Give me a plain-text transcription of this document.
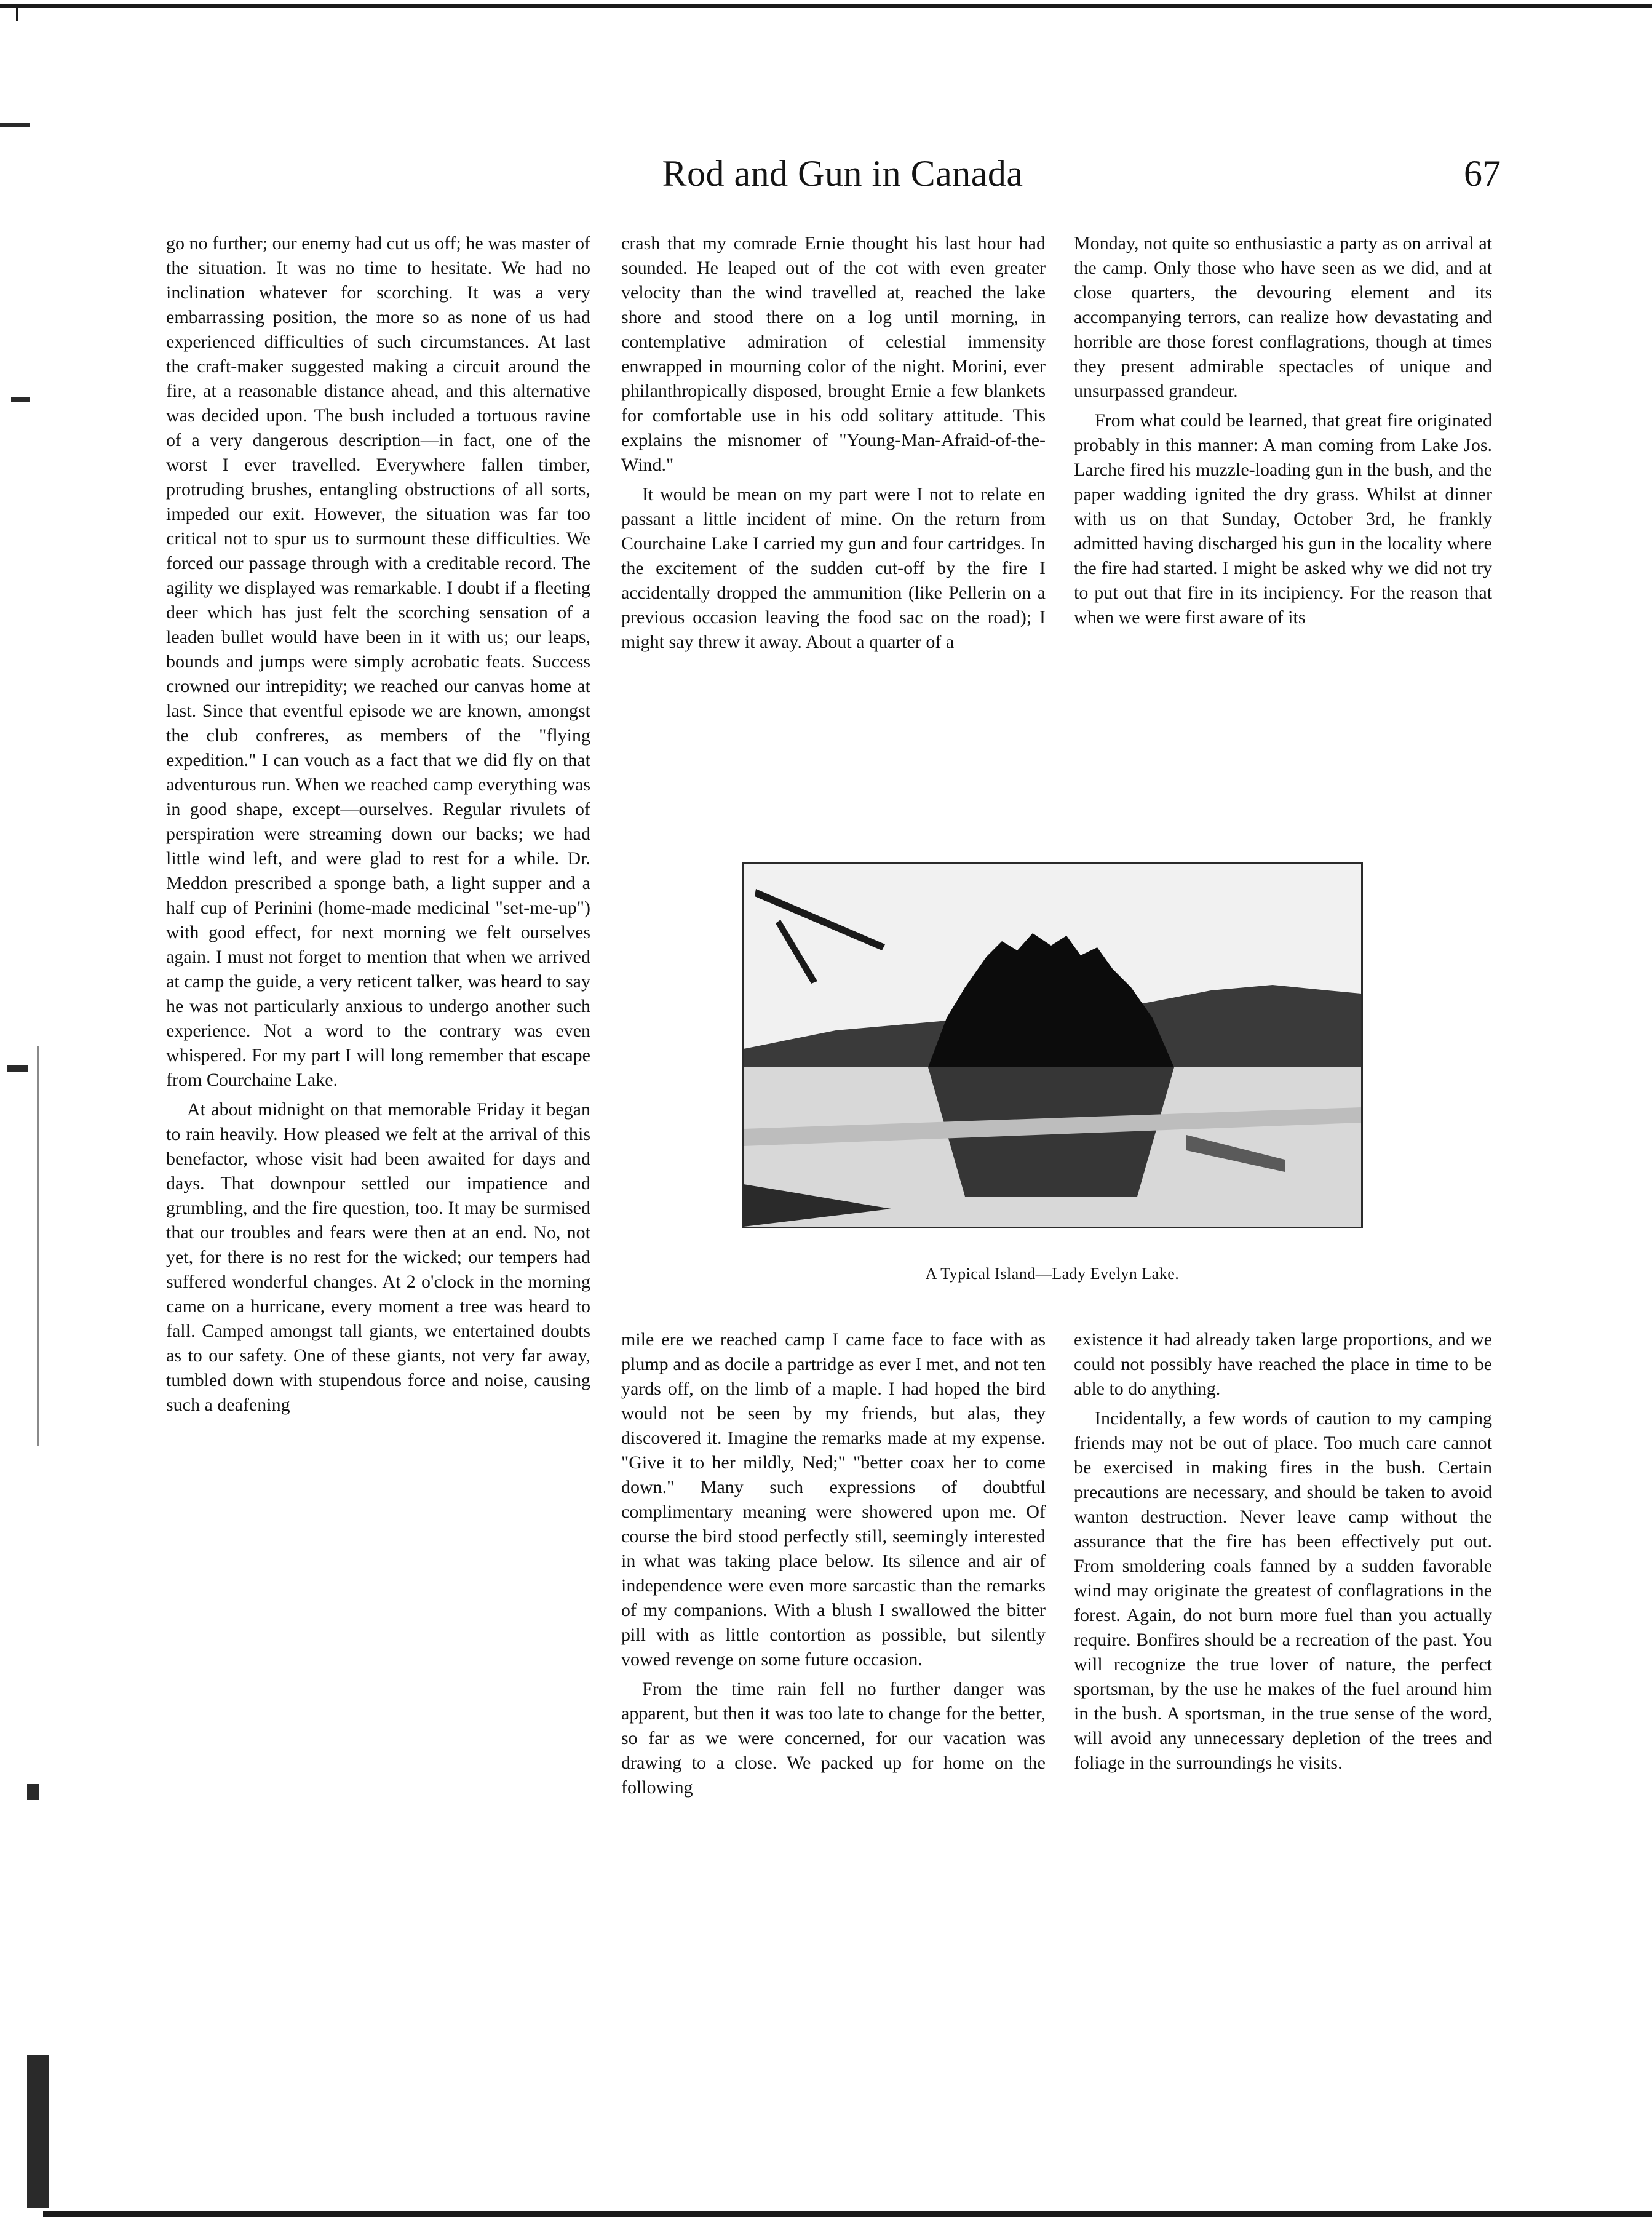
Rod and Gun in Canada	67

go no further; our enemy had cut us off; he was master of the situation. It was no time to hesitate. We had no inclination whatever for scorching. It was a very embarrassing position, the more so as none of us had experienced difficulties of such circumstances. At last the craft-maker suggested making a circuit around the fire, at a reasonable distance ahead, and this alternative was decided upon. The bush included a tortuous ravine of a very dangerous description—in fact, one of the worst I ever travelled. Everywhere fallen timber, protruding brushes, entangling obstructions of all sorts, impeded our exit. However, the situation was far too critical not to spur us to surmount these difficulties. We forced our passage through with a creditable record. The agility we displayed was remarkable. I doubt if a fleeting deer which has just felt the scorching sensation of a leaden bullet would have been in it with us; our leaps, bounds and jumps were simply acrobatic feats. Success crowned our intrepidity; we reached our canvas home at last. Since that eventful episode we are known, amongst the club confreres, as members of the "flying expedition." I can vouch as a fact that we did fly on that adventurous run. When we reached camp everything was in good shape, except—ourselves. Regular rivulets of perspiration were streaming down our backs; we had little wind left, and were glad to rest for a while. Dr. Meddon prescribed a sponge bath, a light supper and a half cup of Perinini (home-made medicinal "set-me-up") with good effect, for next morning we felt ourselves again. I must not forget to mention that when we arrived at camp the guide, a very reticent talker, was heard to say he was not particularly anxious to undergo another such experience. Not a word to the contrary was even whispered. For my part I will long remember that escape from Courchaine Lake.

At about midnight on that memorable Friday it began to rain heavily. How pleased we felt at the arrival of this benefactor, whose visit had been awaited for days and days. That downpour settled our impatience and grumbling, and the fire question, too. It may be surmised that our troubles and fears were then at an end. No, not yet, for there is no rest for the wicked; our tempers had suffered wonderful changes. At 2 o'clock in the morning came on a hurricane, every moment a tree was heard to fall. Camped amongst tall giants, we entertained doubts as to our safety. One of these giants, not very far away, tumbled down with stupendous force and noise, causing such a deafening

crash that my comrade Ernie thought his last hour had sounded. He leaped out of the cot with even greater velocity than the wind travelled at, reached the lake shore and stood there on a log until morning, in contemplative admiration of celestial immensity enwrapped in mourning color of the night. Morini, ever philanthropically disposed, brought Ernie a few blankets for comfortable use in his odd solitary attitude. This explains the misnomer of "Young-Man-Afraid-of-the-Wind."

It would be mean on my part were I not to relate en passant a little incident of mine. On the return from Courchaine Lake I carried my gun and four cartridges. In the excitement of the sudden cut-off by the fire I accidentally dropped the ammunition (like Pellerin on a previous occasion leaving the food sac on the road); I might say threw it away. About a quarter of a

Monday, not quite so enthusiastic a party as on arrival at the camp. Only those who have seen as we did, and at close quarters, the devouring element and its accompanying terrors, can realize how devastating and horrible are those forest conflagrations, though at times they present admirable spectacles of unique and unsurpassed grandeur.

From what could be learned, that great fire originated probably in this manner: A man coming from Lake Jos. Larche fired his muzzle-loading gun in the bush, and the paper wadding ignited the dry grass. Whilst at dinner with us on that Sunday, October 3rd, he frankly admitted having discharged his gun in the locality where the fire had started. I might be asked why we did not try to put out that fire in its incipiency. For the reason that when we were first aware of its

A Typical Island—Lady Evelyn Lake.

mile ere we reached camp I came face to face with as plump and as docile a partridge as ever I met, and not ten yards off, on the limb of a maple. I had hoped the bird would not be seen by my friends, but alas, they discovered it. Imagine the remarks made at my expense. "Give it to her mildly, Ned;" "better coax her to come down." Many such expressions of doubtful complimentary meaning were showered upon me. Of course the bird stood perfectly still, seemingly interested in what was taking place below. Its silence and air of independence were even more sarcastic than the remarks of my companions. With a blush I swallowed the bitter pill with as little contortion as possible, but silently vowed revenge on some future occasion.

From the time rain fell no further danger was apparent, but then it was too late to change for the better, so far as we were concerned, for our vacation was drawing to a close. We packed up for home on the following

existence it had already taken large proportions, and we could not possibly have reached the place in time to be able to do anything.

Incidentally, a few words of caution to my camping friends may not be out of place. Too much care cannot be exercised in making fires in the bush. Certain precautions are necessary, and should be taken to avoid wanton destruction. Never leave camp without the assurance that the fire has been effectively put out. From smoldering coals fanned by a sudden favorable wind may originate the greatest of conflagrations in the forest. Again, do not burn more fuel than you actually require. Bonfires should be a recreation of the past. You will recognize the true lover of nature, the perfect sportsman, by the use he makes of the fuel around him in the bush. A sportsman, in the true sense of the word, will avoid any unnecessary depletion of the trees and foliage in the surroundings he visits.
